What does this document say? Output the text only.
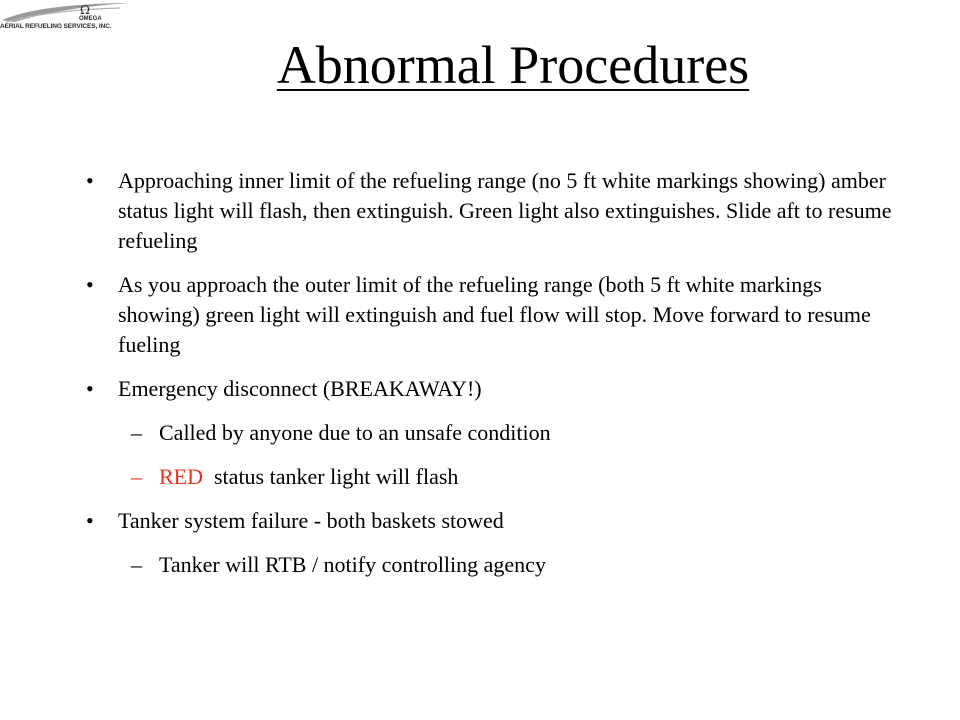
Ω
OMEGA
AERIAL REFUELING SERVICES, INC.
Abnormal Procedures
• Approaching inner limit of the refueling range (no 5 ft white markings showing) amber status light will flash, then extinguish. Green light also extinguishes. Slide aft to resume refueling
• As you approach the outer limit of the refueling range (both 5 ft white markings showing) green light will extinguish and fuel flow will stop. Move forward to resume fueling
• Emergency disconnect (BREAKAWAY!)
– Called by anyone due to an unsafe condition
– RED  status tanker light will flash
• Tanker system failure - both baskets stowed
– Tanker will RTB / notify controlling agency
